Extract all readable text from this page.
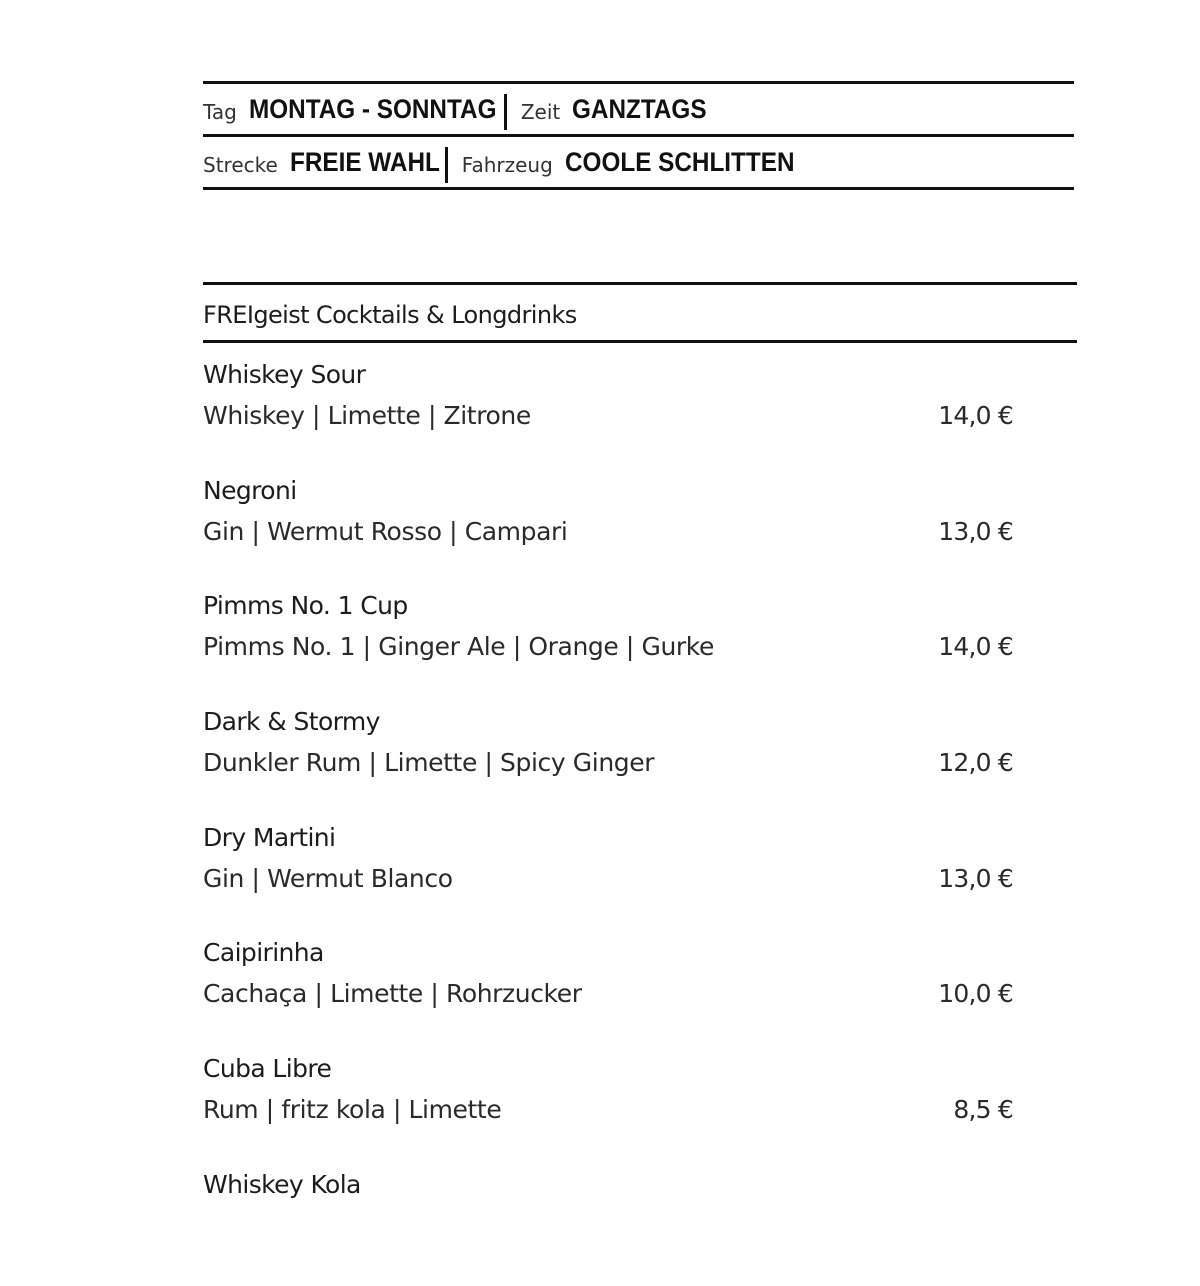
Tag MONTAG - SONNTAG Zeit GANZTAGS
Strecke FREIE WAHL Fahrzeug COOLE SCHLITTEN
FREIgeist Cocktails & Longdrinks
Whiskey Sour
Whiskey | Limette | Zitrone	14,0 €
Negroni
Gin | Wermut Rosso | Campari	13,0 €
Pimms No. 1 Cup
Pimms No. 1 | Ginger Ale | Orange | Gurke	14,0 €
Dark & Stormy
Dunkler Rum | Limette | Spicy Ginger	12,0 €
Dry Martini
Gin | Wermut Blanco	13,0 €
Caipirinha
Cachaça | Limette | Rohrzucker	10,0 €
Cuba Libre
Rum | fritz kola | Limette	8,5 €
Whiskey Kola
